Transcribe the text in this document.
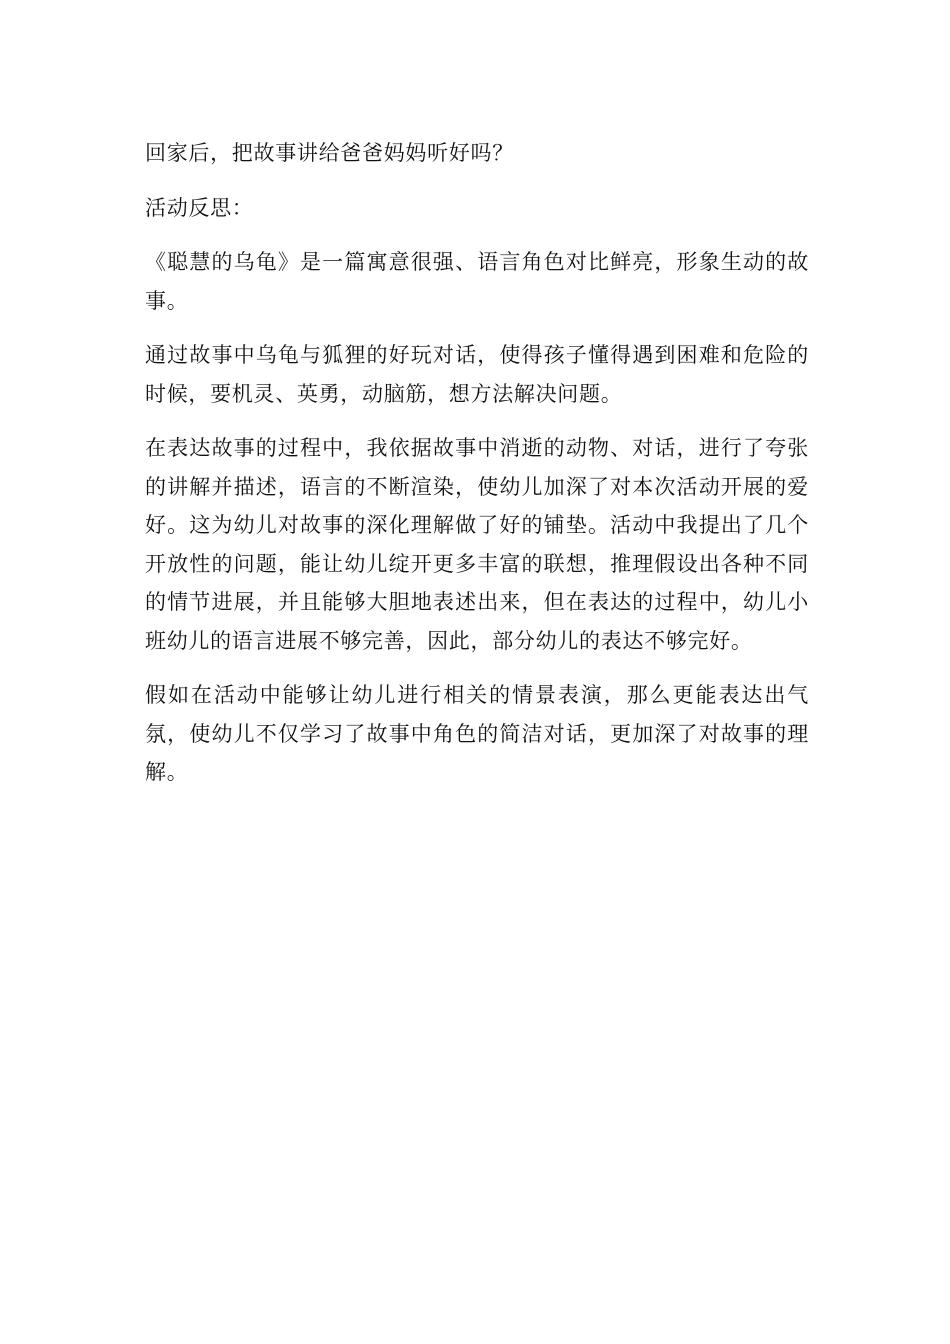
回家后，把故事讲给爸爸妈妈听好吗？

活动反思：

《聪慧的乌龟》是一篇寓意很强、语言角色对比鲜亮，形象生动的故事。

通过故事中乌龟与狐狸的好玩对话，使得孩子懂得遇到困难和危险的时候，要机灵、英勇，动脑筋，想方法解决问题。

在表达故事的过程中，我依据故事中消逝的动物、对话，进行了夸张的讲解并描述，语言的不断渲染，使幼儿加深了对本次活动开展的爱好。这为幼儿对故事的深化理解做了好的铺垫。活动中我提出了几个开放性的问题，能让幼儿绽开更多丰富的联想，推理假设出各种不同的情节进展，并且能够大胆地表述出来，但在表达的过程中，幼儿小班幼儿的语言进展不够完善，因此，部分幼儿的表达不够完好。

假如在活动中能够让幼儿进行相关的情景表演，那么更能表达出气氛，使幼儿不仅学习了故事中角色的简洁对话，更加深了对故事的理解。
